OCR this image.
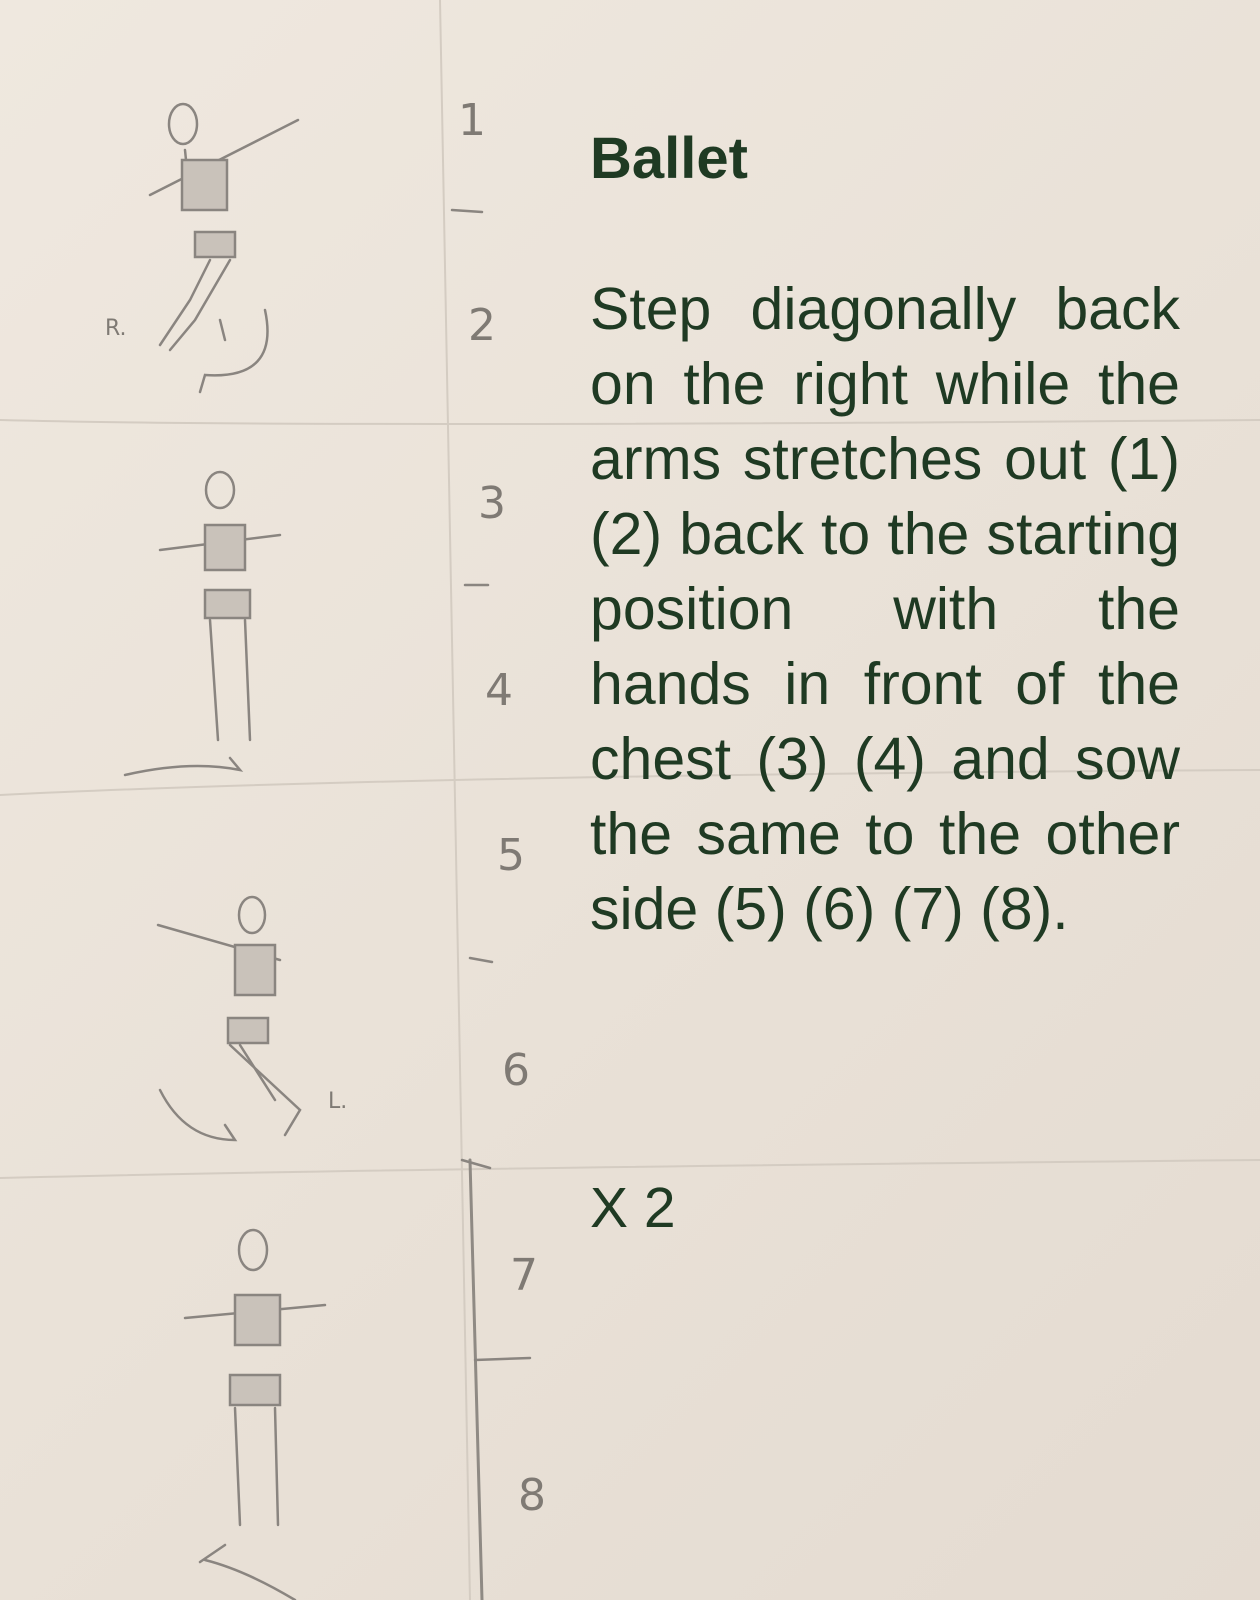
R.
L.
1
2
3
4
5
6
7
8
Ballet

Step diagonally back on the right while the arms stretches out (1) (2) back to the starting position with the hands in front of the chest (3) (4) and sow the same to the other side (5) (6) (7) (8).

X 2
